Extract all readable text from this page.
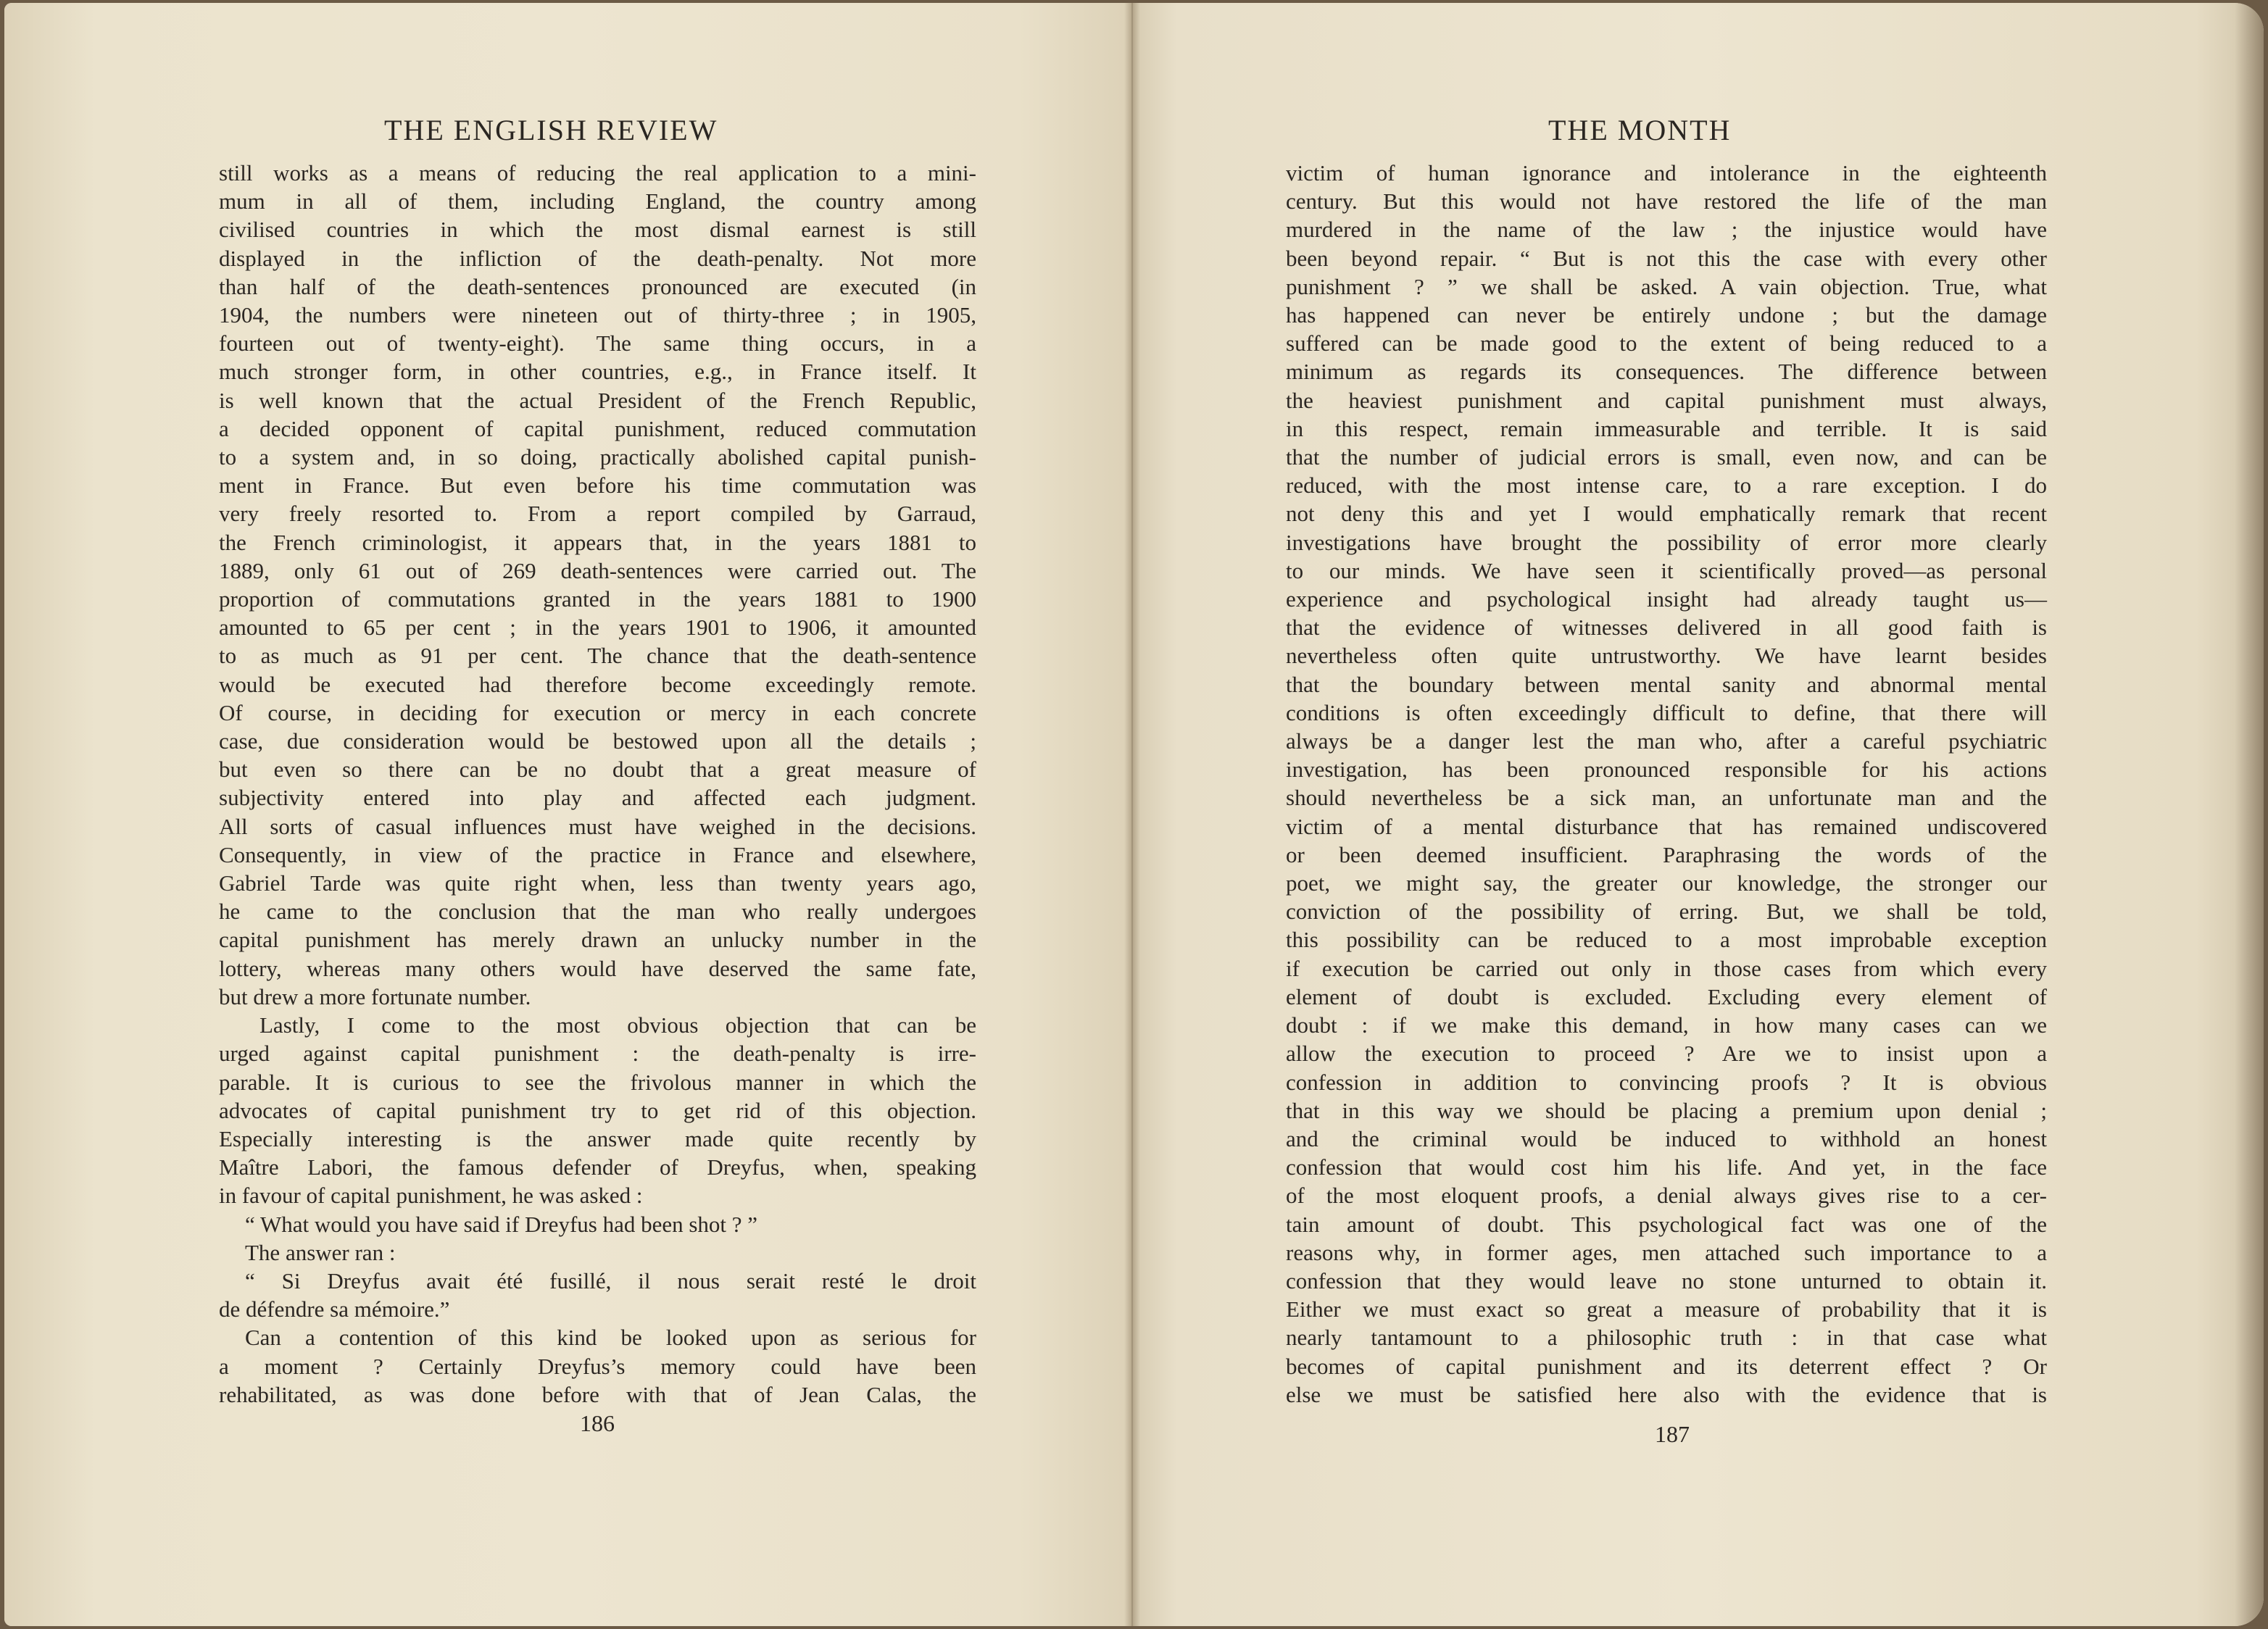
THE ENGLISH REVIEW
still works as a means of reducing the real application to a mini-
mum in all of them, including England, the country among
civilised countries in which the most dismal earnest is still
displayed in the infliction of the death-penalty. Not more
than half of the death-sentences pronounced are executed (in
1904, the numbers were nineteen out of thirty-three ; in 1905,
fourteen out of twenty-eight). The same thing occurs, in a
much stronger form, in other countries, e.g., in France itself. It
is well known that the actual President of the French Republic,
a decided opponent of capital punishment, reduced commutation
to a system and, in so doing, practically abolished capital punish-
ment in France. But even before his time commutation was
very freely resorted to. From a report compiled by Garraud,
the French criminologist, it appears that, in the years 1881 to
1889, only 61 out of 269 death-sentences were carried out. The
proportion of commutations granted in the years 1881 to 1900
amounted to 65 per cent ; in the years 1901 to 1906, it amounted
to as much as 91 per cent. The chance that the death-sentence
would be executed had therefore become exceedingly remote.
Of course, in deciding for execution or mercy in each concrete
case, due consideration would be bestowed upon all the details ;
but even so there can be no doubt that a great measure of
subjectivity entered into play and affected each judgment.
All sorts of casual influences must have weighed in the decisions.
Consequently, in view of the practice in France and elsewhere,
Gabriel Tarde was quite right when, less than twenty years ago,
he came to the conclusion that the man who really undergoes
capital punishment has merely drawn an unlucky number in the
lottery, whereas many others would have deserved the same fate,
but drew a more fortunate number.
Lastly, I come to the most obvious objection that can be
urged against capital punishment : the death-penalty is irre-
parable. It is curious to see the frivolous manner in which the
advocates of capital punishment try to get rid of this objection.
Especially interesting is the answer made quite recently by
Maître Labori, the famous defender of Dreyfus, when, speaking
in favour of capital punishment, he was asked :
“ What would you have said if Dreyfus had been shot ? ”
The answer ran :
“ Si Dreyfus avait été fusillé, il nous serait resté le droit
de défendre sa mémoire.”
Can a contention of this kind be looked upon as serious for
a moment ? Certainly Dreyfus’s memory could have been
rehabilitated, as was done before with that of Jean Calas, the
186
THE MONTH
victim of human ignorance and intolerance in the eighteenth
century. But this would not have restored the life of the man
murdered in the name of the law ; the injustice would have
been beyond repair. “ But is not this the case with every other
punishment ? ” we shall be asked. A vain objection. True, what
has happened can never be entirely undone ; but the damage
suffered can be made good to the extent of being reduced to a
minimum as regards its consequences. The difference between
the heaviest punishment and capital punishment must always,
in this respect, remain immeasurable and terrible. It is said
that the number of judicial errors is small, even now, and can be
reduced, with the most intense care, to a rare exception. I do
not deny this and yet I would emphatically remark that recent
investigations have brought the possibility of error more clearly
to our minds. We have seen it scientifically proved—as personal
experience and psychological insight had already taught us—
that the evidence of witnesses delivered in all good faith is
nevertheless often quite untrustworthy. We have learnt besides
that the boundary between mental sanity and abnormal mental
conditions is often exceedingly difficult to define, that there will
always be a danger lest the man who, after a careful psychiatric
investigation, has been pronounced responsible for his actions
should nevertheless be a sick man, an unfortunate man and the
victim of a mental disturbance that has remained undiscovered
or been deemed insufficient. Paraphrasing the words of the
poet, we might say, the greater our knowledge, the stronger our
conviction of the possibility of erring. But, we shall be told,
this possibility can be reduced to a most improbable exception
if execution be carried out only in those cases from which every
element of doubt is excluded. Excluding every element of
doubt : if we make this demand, in how many cases can we
allow the execution to proceed ? Are we to insist upon a
confession in addition to convincing proofs ? It is obvious
that in this way we should be placing a premium upon denial ;
and the criminal would be induced to withhold an honest
confession that would cost him his life. And yet, in the face
of the most eloquent proofs, a denial always gives rise to a cer-
tain amount of doubt. This psychological fact was one of the
reasons why, in former ages, men attached such importance to a
confession that they would leave no stone unturned to obtain it.
Either we must exact so great a measure of probability that it is
nearly tantamount to a philosophic truth : in that case what
becomes of capital punishment and its deterrent effect ? Or
else we must be satisfied here also with the evidence that is
187
